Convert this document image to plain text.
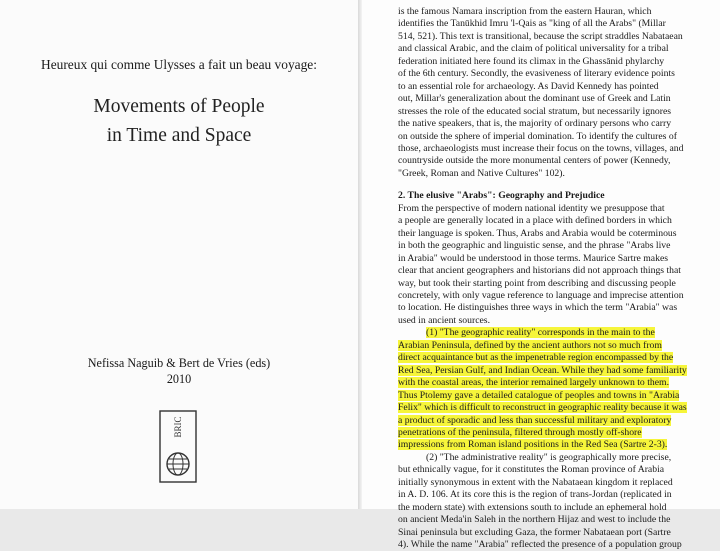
Heureux qui comme Ulysses a fait un beau voyage:
Movements of People
in Time and Space
Nefissa Naguib & Bert de Vries (eds)
2010
BRIC
is the famous Namara inscription from the eastern Hauran, which
identifies the Tanūkhid Imru 'l-Qais as "king of all the Arabs" (Millar
514, 521). This text is transitional, because the script straddles Nabataean
and classical Arabic, and the claim of political universality for a tribal
federation initiated here found its climax in the Ghassānid phylarchy
of the 6th century. Secondly, the evasiveness of literary evidence points
to an essential role for archaeology. As David Kennedy has pointed
out, Millar's generalization about the dominant use of Greek and Latin
stresses the role of the educated social stratum, but necessarily ignores
the native speakers, that is, the majority of ordinary persons who carry
on outside the sphere of imperial domination. To identify the cultures of
those, archaeologists must increase their focus on the towns, villages, and
countryside outside the more monumental centers of power (Kennedy,
"Greek, Roman and Native Cultures" 102).
2. The elusive "Arabs": Geography and Prejudice
From the perspective of modern national identity we presuppose that
a people are generally located in a place with defined borders in which
their language is spoken. Thus, Arabs and Arabia would be coterminous
in both the geographic and linguistic sense, and the phrase "Arabs live
in Arabia" would be understood in those terms. Maurice Sartre makes
clear that ancient geographers and historians did not approach things that
way, but took their starting point from describing and discussing people
concretely, with only vague reference to language and imprecise attention
to location. He distinguishes three ways in which the term "Arabia" was
used in ancient sources.
(1) "The geographic reality" corresponds in the main to the
Arabian Peninsula, defined by the ancient authors not so much from
direct acquaintance but as the impenetrable region encompassed by the
Red Sea, Persian Gulf, and Indian Ocean. While they had some familiarity
with the coastal areas, the interior remained largely unknown to them.
Thus Ptolemy gave a detailed catalogue of peoples and towns in "Arabia
Felix" which is difficult to reconstruct in geographic reality because it was
a product of sporadic and less than successful military and exploratory
penetrations of the peninsula, filtered through mostly off-shore
impressions from Roman island positions in the Red Sea (Sartre 2-3).
(2) "The administrative reality" is geographically more precise,
but ethnically vague, for it constitutes the Roman province of Arabia
initially synonymous in extent with the Nabataean kingdom it replaced
in A. D. 106. At its core this is the region of trans-Jordan (replicated in
the modern state) with extensions south to include an ephemeral hold
on ancient Meda'in Saleh in the northern Hijaz and west to include the
Sinai peninsula but excluding Gaza, the former Nabataean port (Sartre
4). While the name "Arabia" reflected the presence of a population group
